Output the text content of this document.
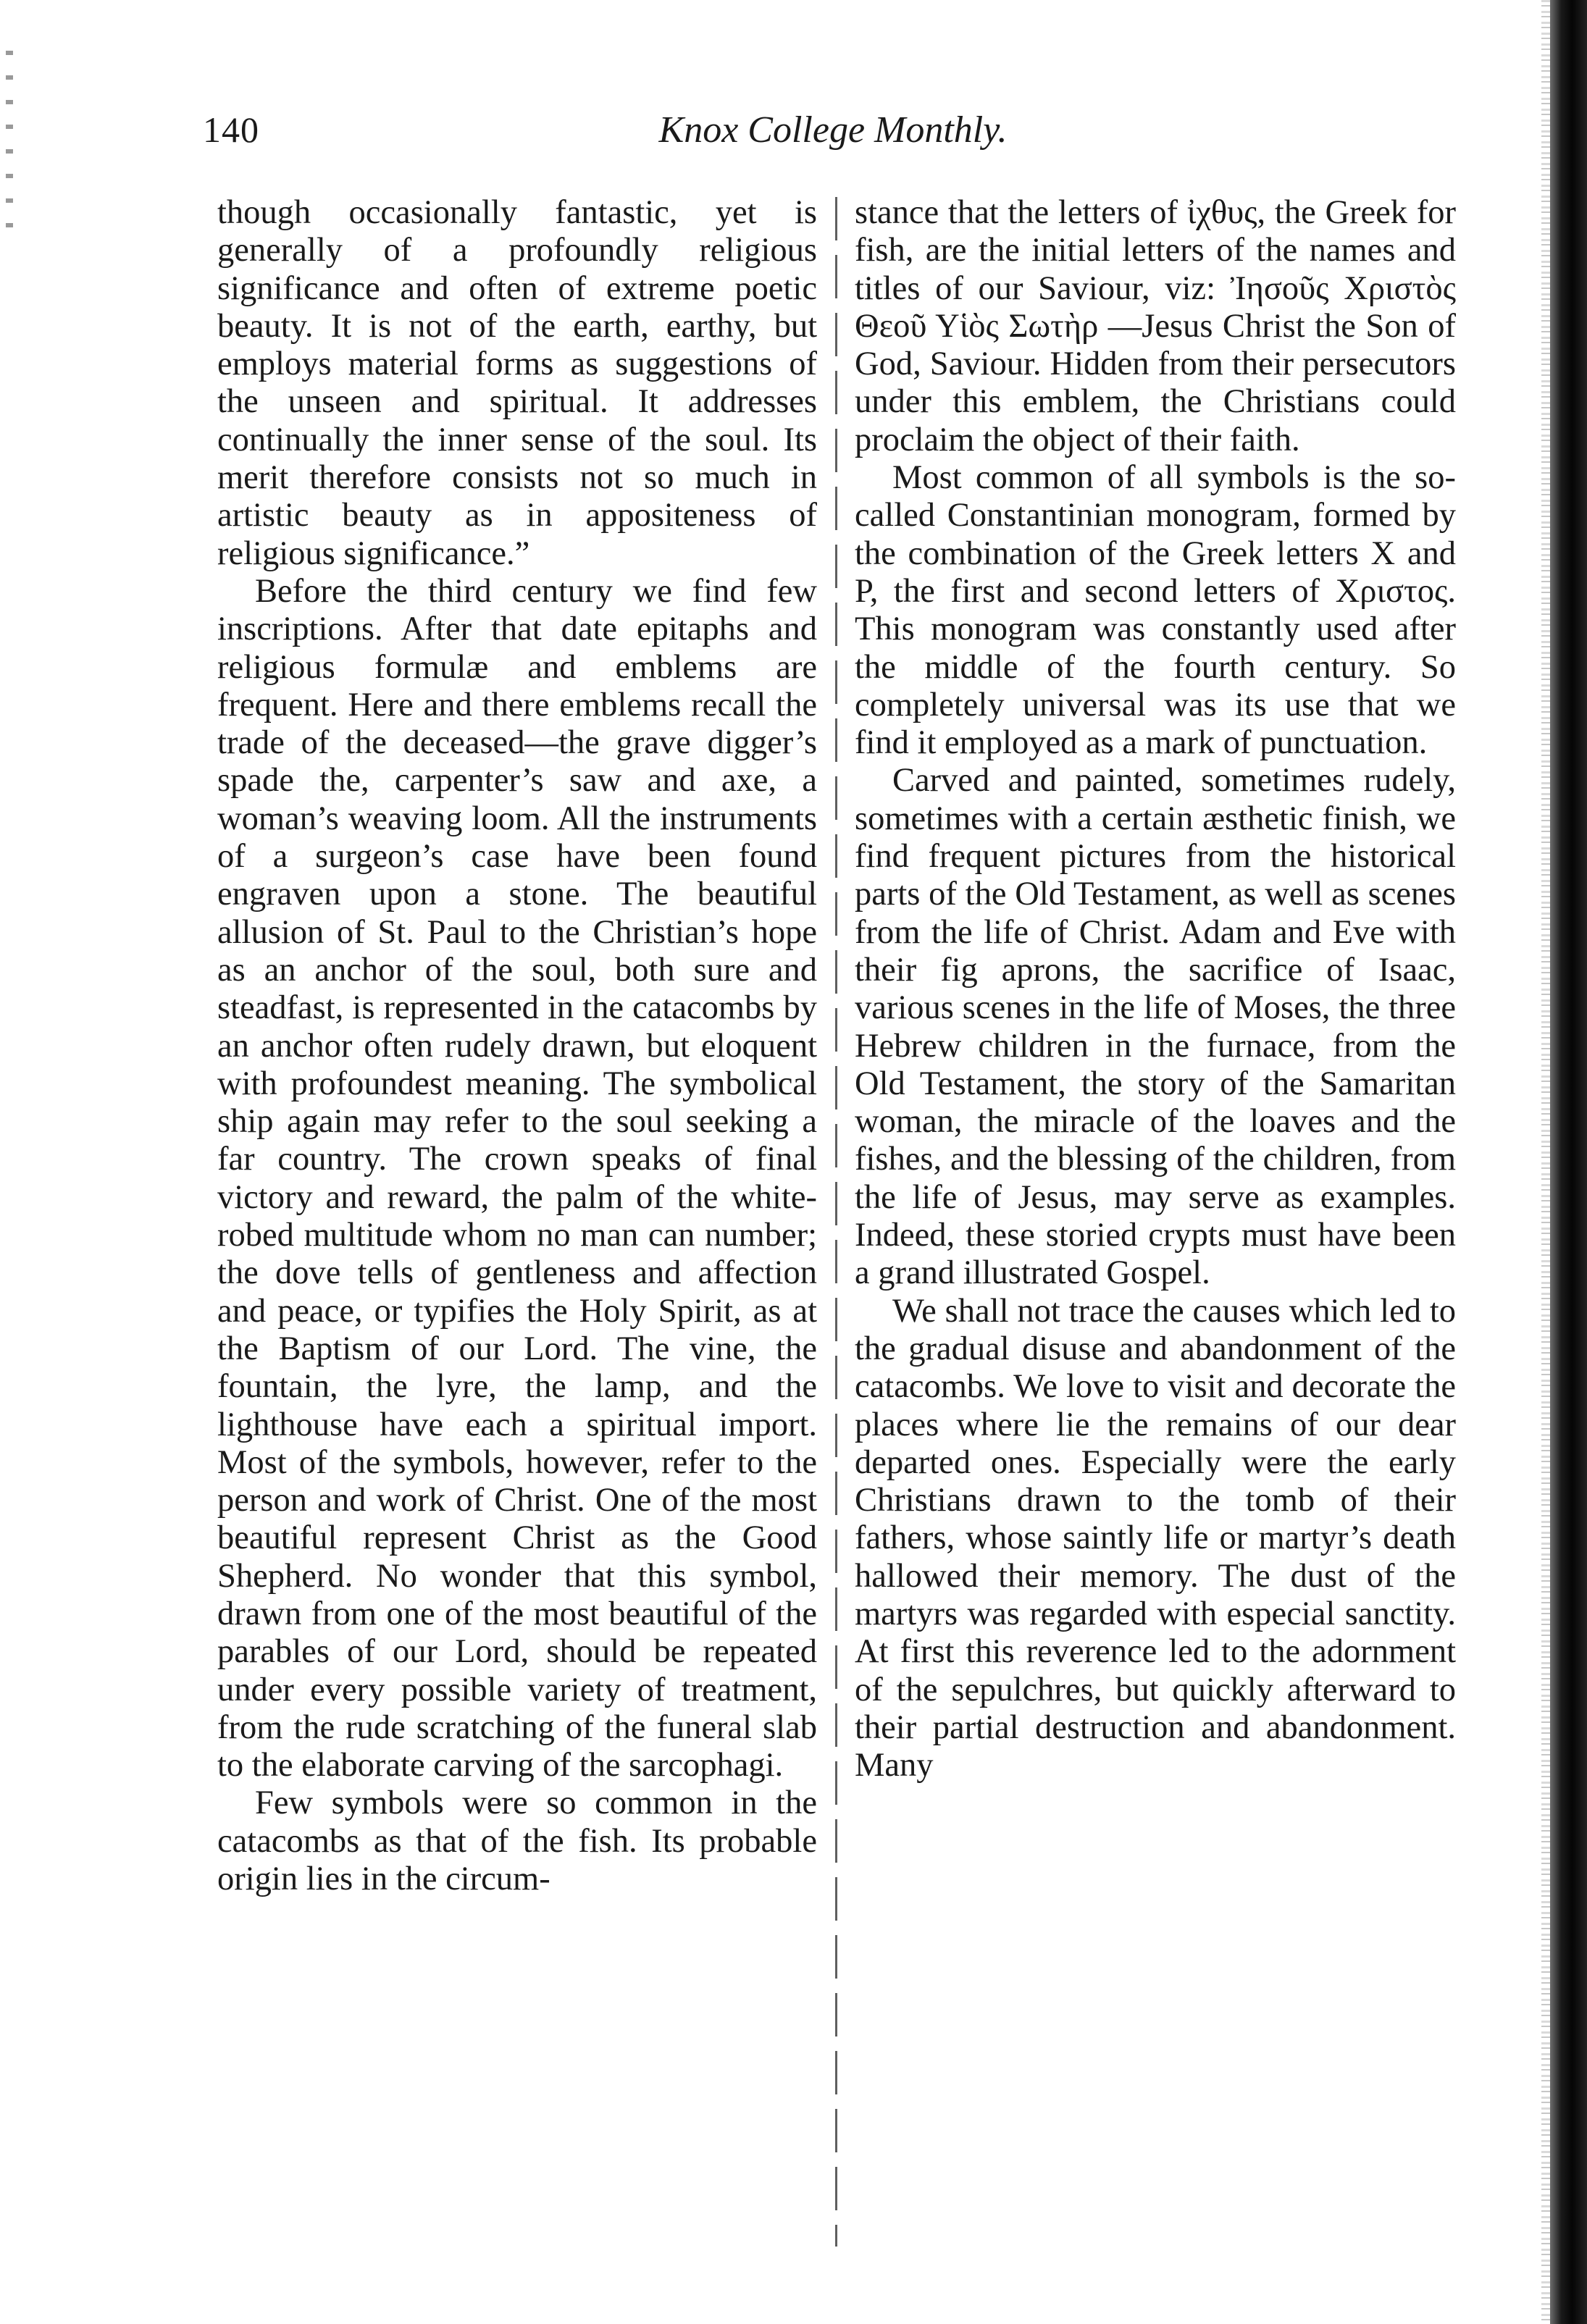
140	Knox College Monthly.

though occasionally fantastic, yet is generally of a profoundly religious significance and often of extreme poetic beauty. It is not of the earth, earthy, but employs material forms as suggestions of the unseen and spiritual. It addresses continually the inner sense of the soul. Its merit therefore consists not so much in artistic beauty as in appositeness of religious significance.”

Before the third century we find few inscriptions. After that date epitaphs and religious formulæ and emblems are frequent. Here and there emblems recall the trade of the deceased—the grave digger’s spade the, carpenter’s saw and axe, a woman’s weaving loom. All the instruments of a surgeon’s case have been found engraven upon a stone. The beautiful allusion of St. Paul to the Christian’s hope as an anchor of the soul, both sure and steadfast, is represented in the catacombs by an anchor often rudely drawn, but eloquent with profoundest meaning. The symbolical ship again may refer to the soul seeking a far country. The crown speaks of final victory and reward, the palm of the white-robed multitude whom no man can number; the dove tells of gentleness and affection and peace, or typifies the Holy Spirit, as at the Baptism of our Lord. The vine, the fountain, the lyre, the lamp, and the lighthouse have each a spiritual import. Most of the symbols, however, refer to the person and work of Christ. One of the most beautiful represent Christ as the Good Shepherd. No wonder that this symbol, drawn from one of the most beautiful of the parables of our Lord, should be repeated under every possible variety of treatment, from the rude scratching of the funeral slab to the elaborate carving of the sarcophagi.

Few symbols were so common in the catacombs as that of the fish. Its probable origin lies in the circum-

stance that the letters of ἰχθυς, the Greek for fish, are the initial letters of the names and titles of our Saviour, viz: Ἰησοῦς Χριστὸς Θεοῦ Υἱὸς Σωτὴρ —Jesus Christ the Son of God, Saviour. Hidden from their persecutors under this emblem, the Christians could proclaim the object of their faith.

Most common of all symbols is the so-called Constantinian monogram, formed by the combination of the Greek letters X and P, the first and second letters of Χριστος. This monogram was constantly used after the middle of the fourth century. So completely universal was its use that we find it employed as a mark of punctuation.

Carved and painted, sometimes rudely, sometimes with a certain æsthetic finish, we find frequent pictures from the historical parts of the Old Testament, as well as scenes from the life of Christ. Adam and Eve with their fig aprons, the sacrifice of Isaac, various scenes in the life of Moses, the three Hebrew children in the furnace, from the Old Testament, the story of the Samaritan woman, the miracle of the loaves and the fishes, and the blessing of the children, from the life of Jesus, may serve as examples. Indeed, these storied crypts must have been a grand illustrated Gospel.

We shall not trace the causes which led to the gradual disuse and abandonment of the catacombs. We love to visit and decorate the places where lie the remains of our dear departed ones. Especially were the early Christians drawn to the tomb of their fathers, whose saintly life or martyr’s death hallowed their memory. The dust of the martyrs was regarded with especial sanctity. At first this reverence led to the adornment of the sepulchres, but quickly afterward to their partial destruction and abandonment. Many
